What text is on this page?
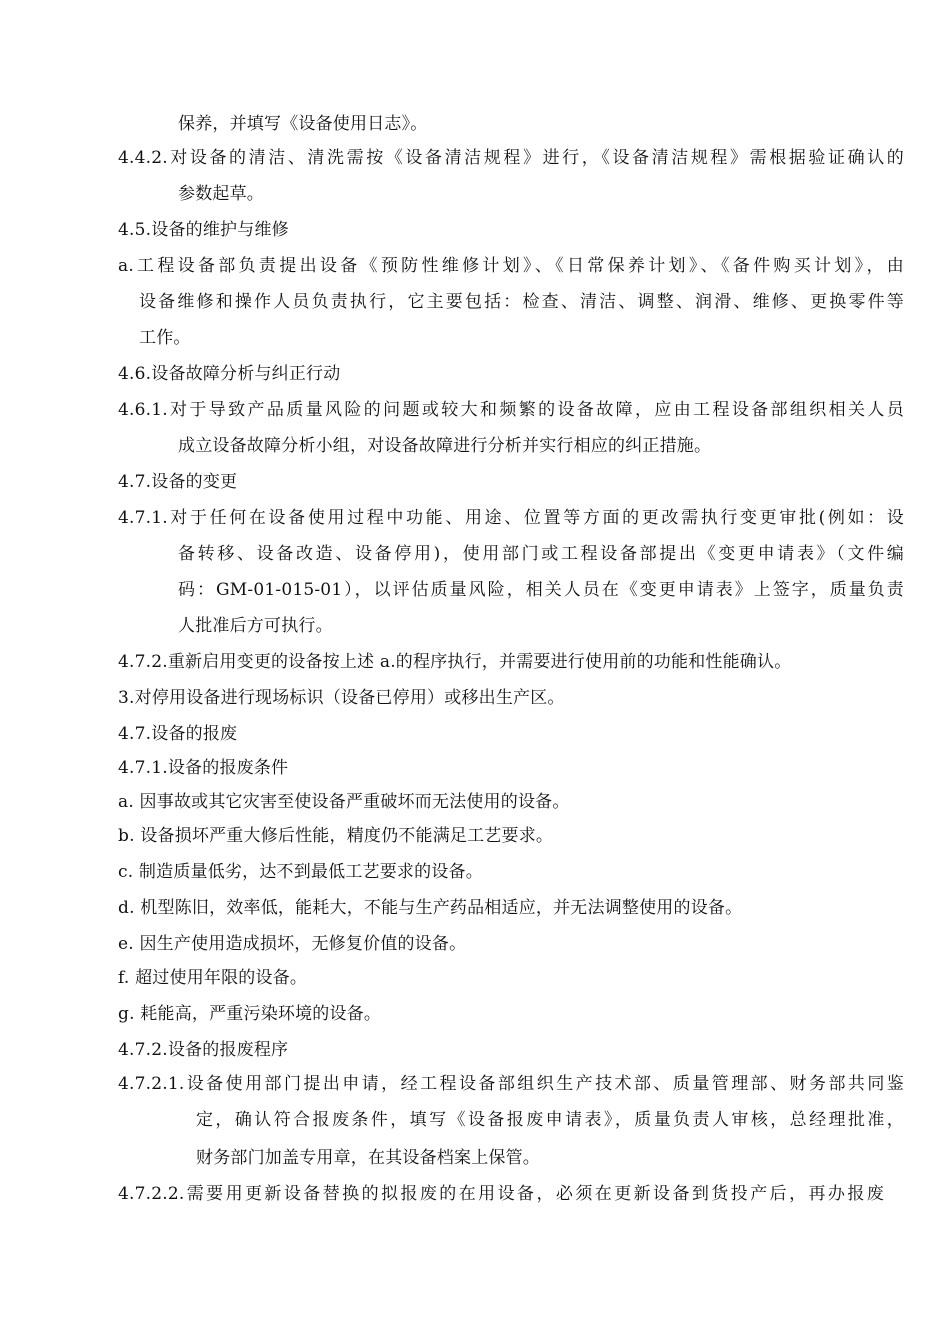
保养，并填写《设备使用日志》。
4.4.2.对设备的清洁、清洗需按《设备清洁规程》进行，《设备清洁规程》需根据验证确认的
参数起草。
4.5.设备的维护与维修
a.工程设备部负责提出设备《预防性维修计划》、《日常保养计划》、《备件购买计划》，由
设备维修和操作人员负责执行，它主要包括：检查、清洁、调整、润滑、维修、更换零件等
工作。
4.6.设备故障分析与纠正行动
4.6.1.对于导致产品质量风险的问题或较大和频繁的设备故障，应由工程设备部组织相关人员
成立设备故障分析小组，对设备故障进行分析并实行相应的纠正措施。
4.7.设备的变更
4.7.1.对于任何在设备使用过程中功能、用途、位置等方面的更改需执行变更审批(例如：设
备转移、设备改造、设备停用)，使用部门或工程设备部提出《变更申请表》（文件编
码：GM-01-015-01），以评估质量风险，相关人员在《变更申请表》上签字，质量负责
人批准后方可执行。
4.7.2.重新启用变更的设备按上述 a.的程序执行，并需要进行使用前的功能和性能确认。
3.对停用设备进行现场标识（设备已停用）或移出生产区。
4.7.设备的报废
4.7.1.设备的报废条件
a. 因事故或其它灾害至使设备严重破坏而无法使用的设备。
b. 设备损坏严重大修后性能，精度仍不能满足工艺要求。
c. 制造质量低劣，达不到最低工艺要求的设备。
d. 机型陈旧，效率低，能耗大，不能与生产药品相适应，并无法调整使用的设备。
e. 因生产使用造成损坏，无修复价值的设备。
f. 超过使用年限的设备。
g. 耗能高，严重污染环境的设备。
4.7.2.设备的报废程序
4.7.2.1.设备使用部门提出申请，经工程设备部组织生产技术部、质量管理部、财务部共同鉴
定，确认符合报废条件，填写《设备报废申请表》，质量负责人审核，总经理批准，
财务部门加盖专用章，在其设备档案上保管。
4.7.2.2.需要用更新设备替换的拟报废的在用设备，必须在更新设备到货投产后，再办报废
